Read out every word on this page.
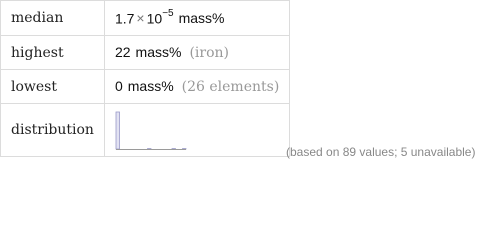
median	$1.7 \times 10^{-5}$ mass%
highest	22 mass% (iron)
lowest	0 mass% (26 elements)
distribution	
(based on 89 values; 5 unavailable)
